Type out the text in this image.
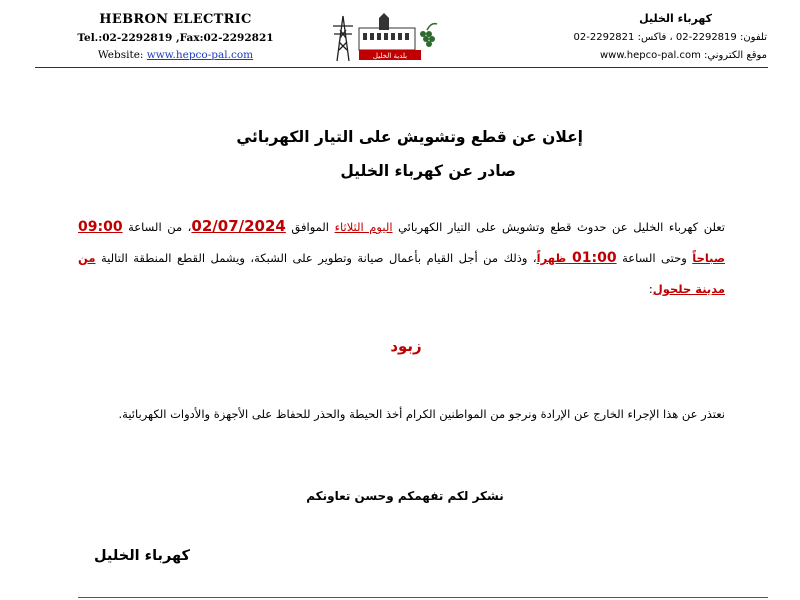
HEBRON ELECTRIC
Tel.:02-2292819 ,Fax:02-2292821
Website: www.hepco-pal.com	بلدية الخليل
كهرباء الخليل
تلفون: 2292819-02 ، فاكس: 2292821-02
موقع الكتروني: www.hepco-pal.com
إعلان عن قطع وتشويش على التيار الكهربائي
صادر عن كهرباء الخليل
تعلن كهرباء الخليل عن حدوث قطع وتشويش على التيار الكهربائي اليوم الثلاثاء الموافق 02/07/2024، من الساعة 09:00 صباحاً وحتى الساعة 01:00 ظهراً، وذلك من أجل القيام بأعمال صيانة وتطوير على الشبكة، ويشمل القطع المنطقة التالية من مدينة حلحول:
زبود
نعتذر عن هذا الإجراء الخارج عن الإرادة ونرجو من المواطنين الكرام أخذ الحيطة والحذر للحفاظ على الأجهزة والأدوات الكهربائية.
نشكر لكم تفهمكم وحسن تعاونكم
كهرباء الخليل
